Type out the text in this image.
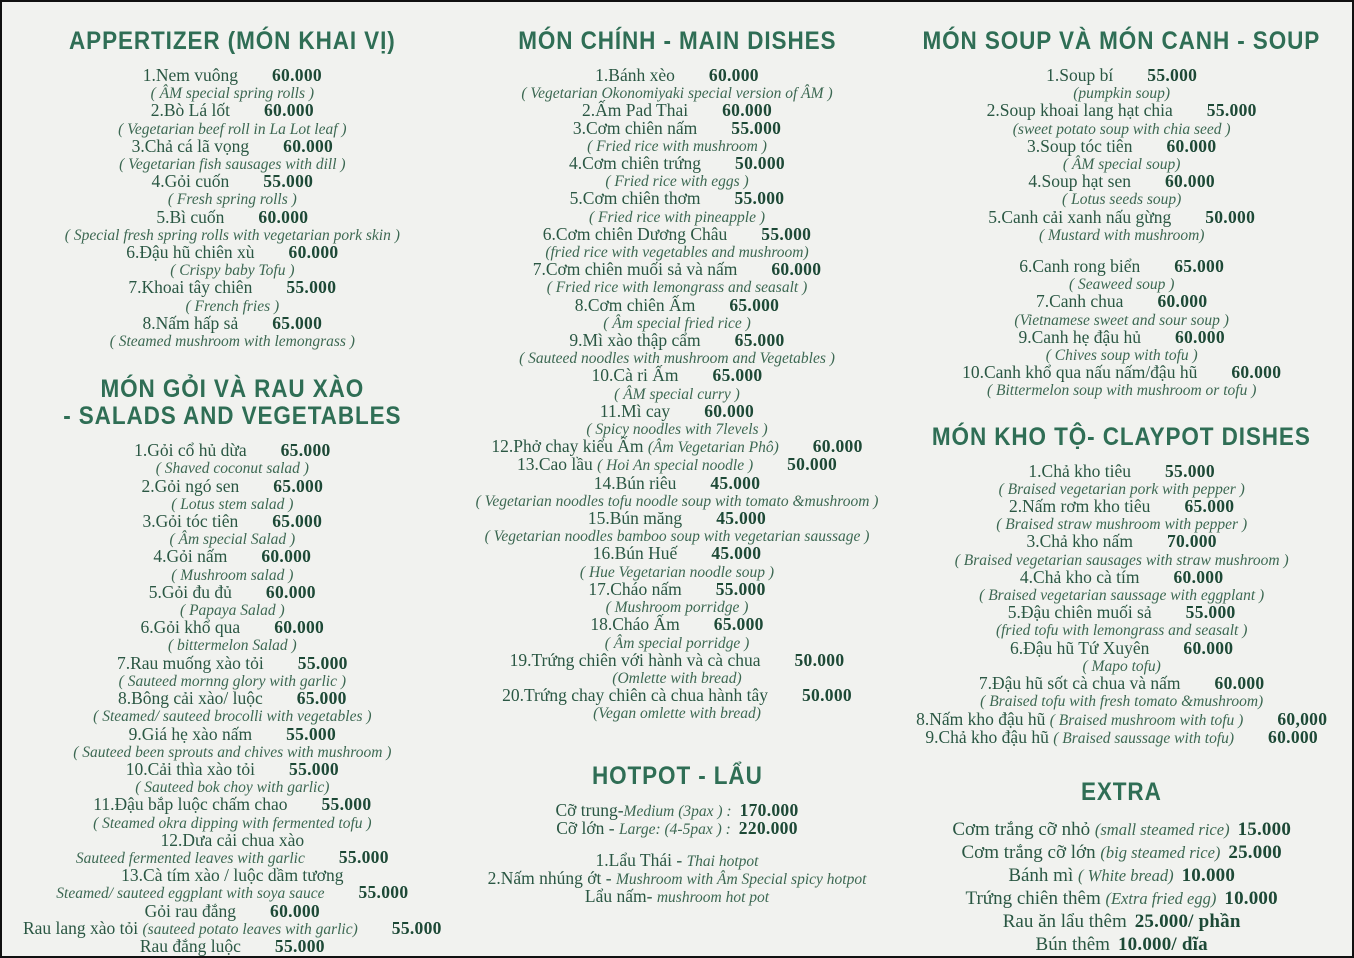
APPERTIZER (MÓN KHAI VỊ)
1.Nem vuông 60.000
( ÂM special spring rolls )
2.Bò Lá lốt 60.000
( Vegetarian beef roll in La Lot leaf )
3.Chả cá lã vọng 60.000
( Vegetarian fish sausages with dill )
4.Gỏi cuốn 55.000
( Fresh spring rolls )
5.Bì cuốn 60.000
( Special fresh spring rolls with vegetarian pork skin )
6.Đậu hũ chiên xù 60.000
( Crispy baby Tofu )
7.Khoai tây chiên 55.000
( French fries )
8.Nấm hấp sả 65.000
( Steamed mushroom with lemongrass )
MÓN GỎI VÀ RAU XÀO
- SALADS AND VEGETABLES
1.Gỏi cổ hủ dừa 65.000
( Shaved coconut salad )
2.Gỏi ngó sen 65.000
( Lotus stem salad )
3.Gỏi tóc tiên 65.000
( Âm special Salad )
4.Gỏi nấm 60.000
( Mushroom salad )
5.Gỏi đu đủ 60.000
( Papaya Salad )
6.Gỏi khổ qua 60.000
( bittermelon Salad )
7.Rau muống xào tỏi 55.000
( Sauteed mornng glory with garlic )
8.Bông cải xào/ luộc 65.000
( Steamed/ sauteed brocolli with vegetables )
9.Giá hẹ xào nấm 55.000
( Sauteed been sprouts and chives with mushroom )
10.Cải thìa xào tỏi 55.000
( Sauteed bok choy with garlic)
11.Đậu bắp luộc chấm chao 55.000
( Steamed okra dipping with fermented tofu )
12.Dưa cải chua xào
Sauteed fermented leaves with garlic 55.000
13.Cà tím xào / luộc dầm tương
Steamed/ sauteed eggplant with soya sauce 55.000
Gỏi rau đắng 60.000
Rau lang xào tỏi (sauteed potato leaves with garlic) 55.000
Rau đắng luộc 55.000
MÓN CHÍNH - MAIN DISHES
1.Bánh xèo 60.000
( Vegetarian Okonomiyaki special version of ÂM )
2.Ấm Pad Thai 60.000
3.Cơm chiên nấm 55.000
( Fried rice with mushroom )
4.Cơm chiên trứng 50.000
( Fried rice with eggs )
5.Cơm chiên thơm 55.000
( Fried rice with pineapple )
6.Cơm chiên Dương Châu 55.000
(fried rice with vegetables and mushroom)
7.Cơm chiên muối sả và nấm 60.000
( Fried rice with lemongrass and seasalt )
8.Cơm chiên Ấm 65.000
( Âm special fried rice )
9.Mì xào thập cẩm 65.000
( Sauteed noodles with mushroom and Vegetables )
10.Cà ri Ấm 65.000
( ÂM special curry )
11.Mì cay 60.000
( Spicy noodles with 7levels )
12.Phở chay kiểu Ấm (Âm Vegetarian Phô) 60.000
13.Cao lầu ( Hoi An special noodle ) 50.000
14.Bún riêu 45.000
( Vegetarian noodles tofu noodle soup with tomato &mushroom )
15.Bún măng 45.000
( Vegetarian noodles bamboo soup with vegetarian saussage )
16.Bún Huế 45.000
( Hue Vegetarian noodle soup )
17.Cháo nấm 55.000
( Mushroom porridge )
18.Cháo Ấm 65.000
( Âm special porridge )
19.Trứng chiên với hành và cà chua 50.000
(Omlette with bread)
20.Trứng chay chiên cà chua hành tây 50.000
(Vegan omlette with bread)
HOTPOT - LẨU
Cỡ trung-Medium (3pax ) : 170.000
Cỡ lớn - Large: (4-5pax ) : 220.000
1.Lẩu Thái - Thai hotpot
2.Nấm nhúng ớt - Mushroom with Âm Special spicy hotpot
Lẩu nấm- mushroom hot pot
MÓN SOUP VÀ MÓN CANH - SOUP
1.Soup bí 55.000
(pumpkin soup)
2.Soup khoai lang hạt chia 55.000
(sweet potato soup with chia seed )
3.Soup tóc tiên 60.000
( ÂM special soup)
4.Soup hạt sen 60.000
( Lotus seeds soup)
5.Canh cải xanh nấu gừng 50.000
( Mustard with mushroom)
6.Canh rong biển 65.000
( Seaweed soup )
7.Canh chua 60.000
(Vietnamese sweet and sour soup )
9.Canh hẹ đậu hủ 60.000
( Chives soup with tofu )
10.Canh khổ qua nấu nấm/đậu hũ 60.000
( Bittermelon soup with mushroom or tofu )
MÓN KHO TỘ- CLAYPOT DISHES
1.Chả kho tiêu 55.000
( Braised vegetarian pork with pepper )
2.Nấm rơm kho tiêu 65.000
( Braised straw mushroom with pepper )
3.Chả kho nấm 70.000
( Braised vegetarian sausages with straw mushroom )
4.Chả kho cà tím 60.000
( Braised vegetarian saussage with eggplant )
5.Đậu chiên muối sả 55.000
(fried tofu with lemongrass and seasalt )
6.Đậu hũ Tứ Xuyên 60.000
( Mapo tofu)
7.Đậu hũ sốt cà chua và nấm 60.000
( Braised tofu with fresh tomato &mushroom)
8.Nấm kho đậu hũ ( Braised mushroom with tofu ) 60,000
9.Chả kho đậu hũ ( Braised saussage with tofu) 60.000
EXTRA
Cơm trắng cỡ nhỏ (small steamed rice) 15.000
Cơm trắng cỡ lớn (big steamed rice) 25.000
Bánh mì ( White bread) 10.000
Trứng chiên thêm (Extra fried egg) 10.000
Rau ăn lẩu thêm 25.000/ phần
Bún thêm 10.000/ dĩa
